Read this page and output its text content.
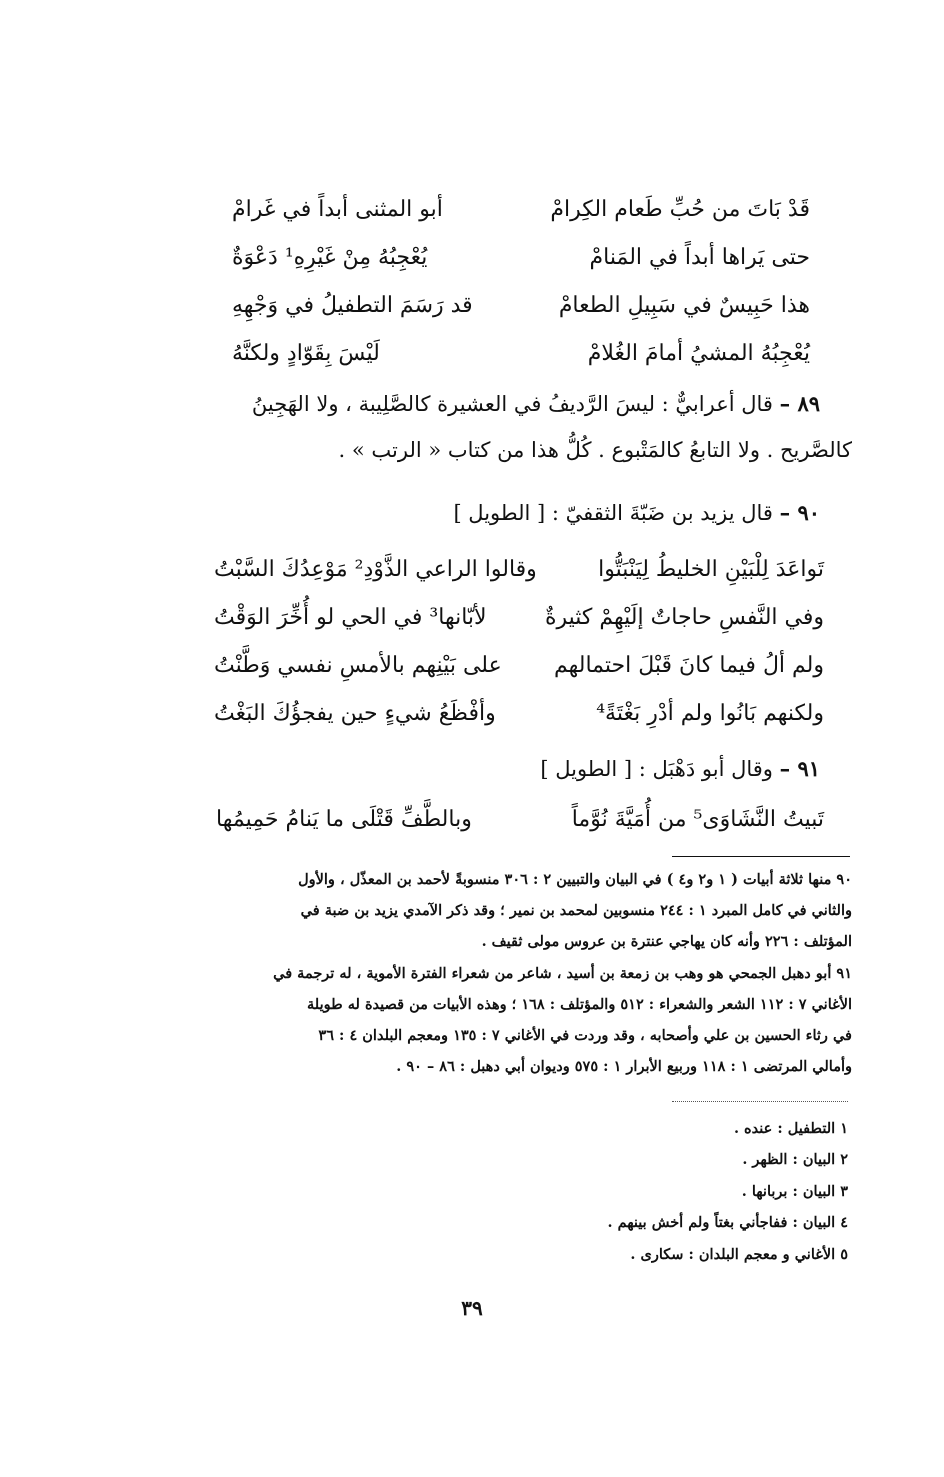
قَدْ بَاتَ من حُبِّ طَعام الكِرامْ
أبو المثنى أبداً في غَرامْ
حتى يَراها أبداً في المَنامْ
يُعْجِبُهُ مِنْ غَيْرِهِ¹ دَعْوَةٌ
هذا حَبِيسٌ في سَبِيلِ الطعامْ
قد رَسَمَ التطفيلُ في وَجْهِهِ
يُعْجِبُهُ المشيُ أمامَ الغُلامْ
لَيْسَ بِقَوّادٍ ولكنَّهُ
٨٩ – قال أعرابيٌّ : ليسَ الرَّديفُ في العشيرة كالصَّلِيبة ، ولا الهَجِينُ
كالصَّريح . ولا التابعُ كالمَتْبوع . كُلُّ هذا من كتاب « الرتب » .
٩٠ – قال يزيد بن ضَبّةَ الثقفيّ : [ الطويل ]
تَواعَدَ لِلْبَيْنِ الخليطُ لِيَنْبَتُّوا
وقالوا الراعي الذَّوْدِ² مَوْعِدُكَ السَّبْتُ
وفي النَّفسِ حاجاتٌ إلَيْهِمْ كثيرةٌ
لأبّانها³ في الحي لو أُخِّرَ الوَقْتُ
ولم ألُ فيما كانَ قَبْلَ احتمالهم
على بَيْنِهم بالأمسِ نفسي وَطَّنْتُ
ولكنهم بَانُوا ولم أدْرِ بَغْتَةً⁴
وأفْظَعُ شيءٍ حين يفجؤُكَ البَغْتُ
٩١ – وقال أبو دَهْبَل : [ الطويل ]
تَبيتُ النَّشَاوَى⁵ من أُمَيَّةَ نُوَّماً
وبالطَّفِّ قَتْلَى ما يَنامُ حَمِيمُها
٩٠ منها ثلاثة أبيات ( ١ و٢ و٤ ) في البيان والتبيين ٢ : ٣٠٦ منسوبةً لأحمد بن المعذّل ، والأول
والثاني في كامل المبرد ١ : ٢٤٤ منسوبين لمحمد بن نمير ؛ وقد ذكر الآمدي يزيد بن ضبة في
المؤتلف : ٢٢٦ وأنه كان يهاجي عنترة بن عروس مولى ثقيف .
٩١ أبو دهبل الجمحي هو وهب بن زمعة بن أسيد ، شاعر من شعراء الفترة الأموية ، له ترجمة في
الأغاني ٧ : ١١٢ الشعر والشعراء : ٥١٢ والمؤتلف : ١٦٨ ؛ وهذه الأبيات من قصيدة له طويلة
في رثاء الحسين بن علي وأصحابه ، وقد وردت في الأغاني ٧ : ١٣٥ ومعجم البلدان ٤ : ٣٦
وأمالي المرتضى ١ : ١١٨ وربيع الأبرار ١ : ٥٧٥ وديوان أبي دهبل : ٨٦ – ٩٠ .
١ التطفيل : عنده .
٢ البيان : الظهر .
٣ البيان : بربانها .
٤ البيان : ففاجأني بغتاً ولم أخش بينهم .
٥ الأغاني و معجم البلدان : سكارى .
٣٩
